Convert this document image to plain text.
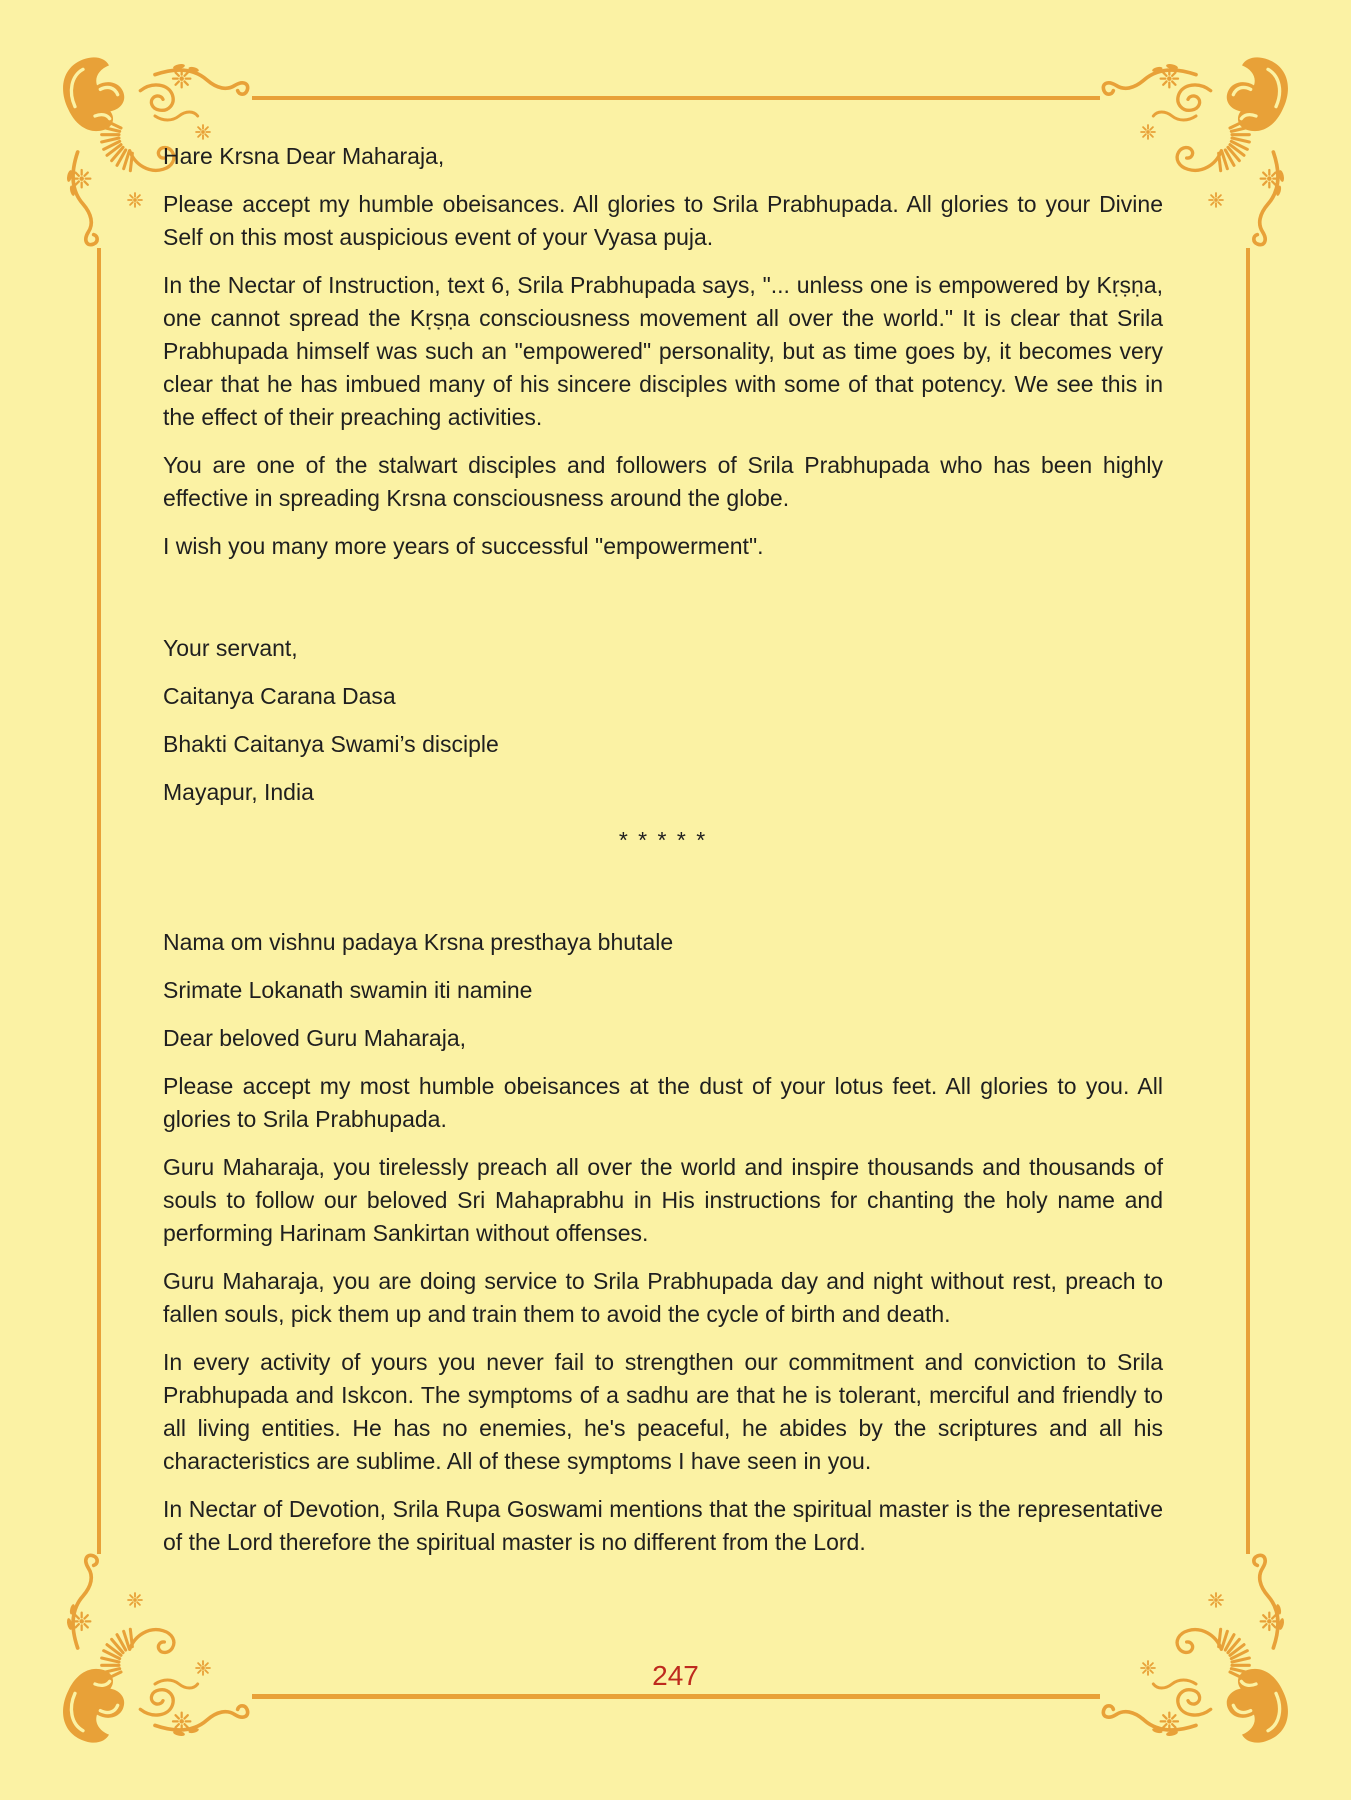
Hare Krsna Dear Maharaja,

Please accept my humble obeisances. All glories to Srila Prabhupada. All glories to your Divine Self on this most auspicious event of your Vyasa puja.

In the Nectar of Instruction, text 6, Srila Prabhupada says, "... unless one is empowered by Kṛṣṇa, one cannot spread the Kṛṣṇa consciousness movement all over the world." It is clear that Srila Prabhupada himself was such an "empowered" personality, but as time goes by, it becomes very clear that he has imbued many of his sincere disciples with some of that potency. We see this in the effect of their preaching activities.

You are one of the stalwart disciples and followers of Srila Prabhupada who has been highly effective in spreading Krsna consciousness around the globe.

I wish you many more years of successful "empowerment".

Your servant,

Caitanya Carana Dasa

Bhakti Caitanya Swami’s disciple

Mayapur, India

* * * * *

Nama om vishnu padaya Krsna presthaya bhutale

Srimate Lokanath swamin iti namine

Dear beloved Guru Maharaja,

Please accept my most humble obeisances at the dust of your lotus feet. All glories to you. All glories to Srila Prabhupada.

Guru Maharaja, you tirelessly preach all over the world and inspire thousands and thousands of souls to follow our beloved Sri Mahaprabhu in His instructions for chanting the holy name and performing Harinam Sankirtan without offenses.

Guru Maharaja, you are doing service to Srila Prabhupada day and night without rest, preach to fallen souls, pick them up and train them to avoid the cycle of birth and death.

In every activity of yours you never fail to strengthen our commitment and conviction to Srila Prabhupada and Iskcon. The symptoms of a sadhu are that he is tolerant, merciful and friendly to all living entities. He has no enemies, he's peaceful, he abides by the scriptures and all his characteristics are sublime. All of these symptoms I have seen in you.

In Nectar of Devotion, Srila Rupa Goswami mentions that the spiritual master is the representative of the Lord therefore the spiritual master is no different from the Lord.

247
